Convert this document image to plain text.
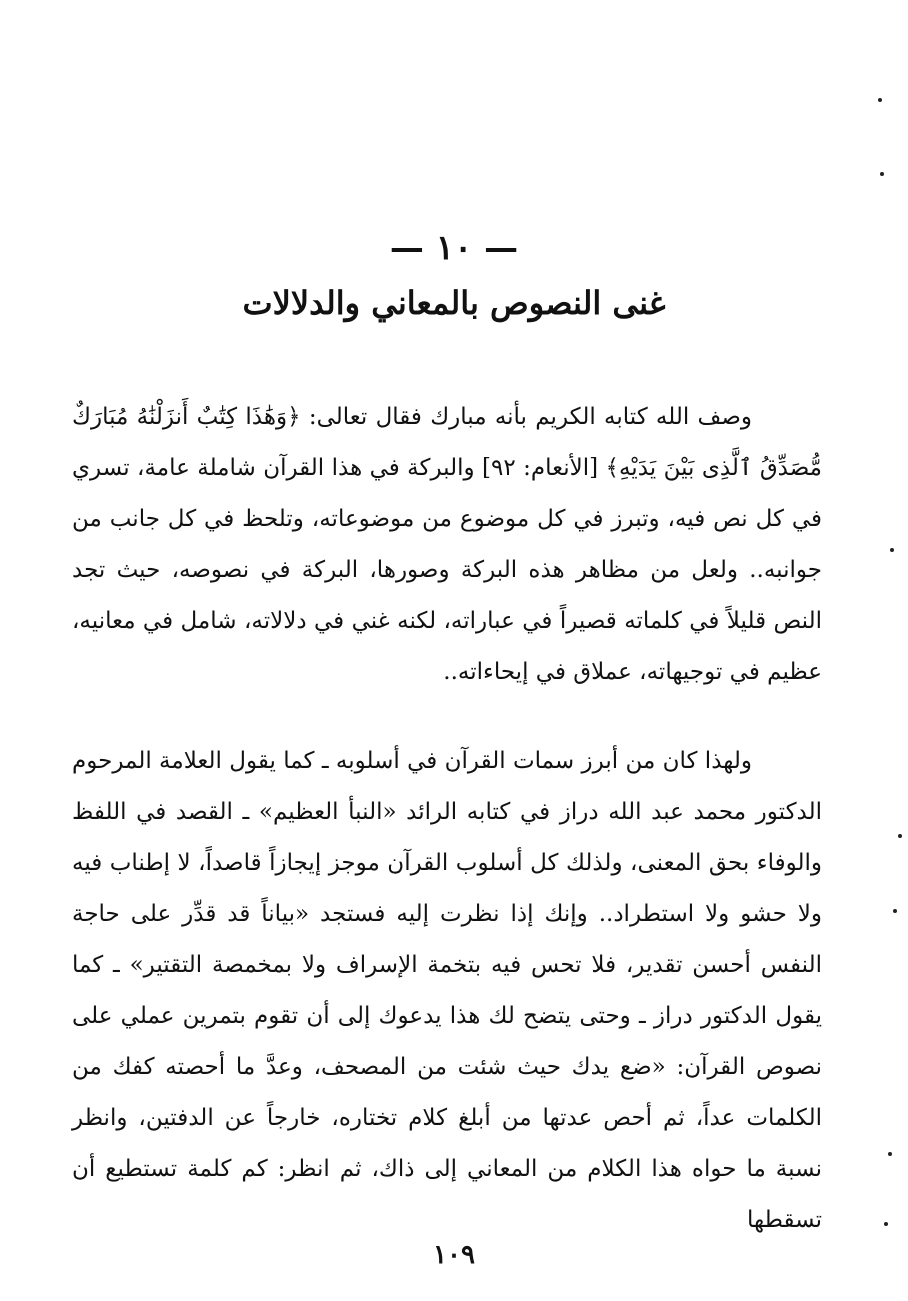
— ١٠ —
غنى النصوص بالمعاني والدلالات

وصف الله كتابه الكريم بأنه مبارك فقال تعالى: ﴿وَهَٰذَا كِتَٰبٌ أَنزَلْنَٰهُ مُبَارَكٌ مُّصَدِّقُ ٱلَّذِى بَيْنَ يَدَيْهِ﴾ [الأنعام: ٩٢] والبركة في هذا القرآن شاملة عامة، تسري في كل نص فيه، وتبرز في كل موضوع من موضوعاته، وتلحظ في كل جانب من جوانبه.. ولعل من مظاهر هذه البركة وصورها، البركة في نصوصه، حيث تجد النص قليلاً في كلماته قصيراً في عباراته، لكنه غني في دلالاته، شامل في معانيه، عظيم في توجيهاته، عملاق في إيحاءاته..

ولهذا كان من أبرز سمات القرآن في أسلوبه ـ كما يقول العلامة المرحوم الدكتور محمد عبد الله دراز في كتابه الرائد «النبأ العظيم» ـ القصد في اللفظ والوفاء بحق المعنى، ولذلك كل أسلوب القرآن موجز إيجازاً قاصداً، لا إطناب فيه ولا حشو ولا استطراد.. وإنك إذا نظرت إليه فستجد «بياناً قد قدِّر على حاجة النفس أحسن تقدير، فلا تحس فيه بتخمة الإسراف ولا بمخمصة التقتير» ـ كما يقول الدكتور دراز ـ وحتى يتضح لك هذا يدعوك إلى أن تقوم بتمرين عملي على نصوص القرآن: «ضع يدك حيث شئت من المصحف، وعدَّ ما أحصته كفك من الكلمات عداً، ثم أحص عدتها من أبلغ كلام تختاره، خارجاً عن الدفتين، وانظر نسبة ما حواه هذا الكلام من المعاني إلى ذاك، ثم انظر: كم كلمة تستطيع أن تسقطها

١٠٩
